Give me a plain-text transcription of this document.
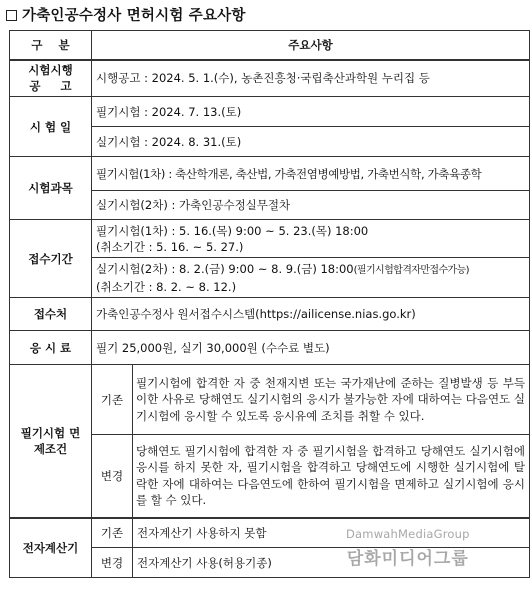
가축인공수정사 면허시험 주요사항
구    분	주요사항	

시험시행
공     고	시행공고 : 2024. 5. 1.(수), 농촌진흥청·국립축산과학원 누리집 등	
시 험 일	필기시험 : 2024. 7. 13.(토)	
	실기시험 : 2024. 8. 31.(토)	
시험과목	필기시험(1차) : 축산학개론, 축산법, 가축전염병예방법, 가축번식학, 가축육종학	
	실기시험(2차) : 가축인공수정실무절차	
접수기간	필기시험(1차) : 5. 16.(목) 9:00 ~ 5. 23.(목) 18:00
(취소기간 : 5. 16. ~ 5. 27.)	

	실기시험(2차) : 8. 2.(금) 9:00 ~ 8. 9.(금) 18:00(필기시험합격자만접수가능)
(취소기간 : 8. 2. ~ 8. 12.)	

접수처	가축인공수정사 원서접수시스템(https://ailicense.nias.go.kr)	
응 시 료	필기 25,000원, 실기 30,000원 (수수료 별도)	

필기시험 면
제조건	기존	필기시험에 합격한 자 중 천재지변 또는 국가재난에 준하는 질병발생 등 부득이한 사유로 당해연도 실기시험의 응시가 불가능한 자에 대하여는 다음연도 실기시험에 응시할 수 있도록 응시유예 조치를 취할 수 있다.
	변경	당해연도 필기시험에 합격한 자 중 필기시험을 합격하고 당해연도 실기시험에 응시를 하지 못한 자, 필기시험을 합격하고 당해연도에 시행한 실기시험에 탈락한 자에 대하여는 다음연도에 한하여 필기시험을 면제하고 실기시험에 응시를 할 수 있다.
전자계산기	기존	전자계산기 사용하지 못함
	변경	전자계산기 사용(허용기종)
DamwahMediaGroup
담화미디어그룹
